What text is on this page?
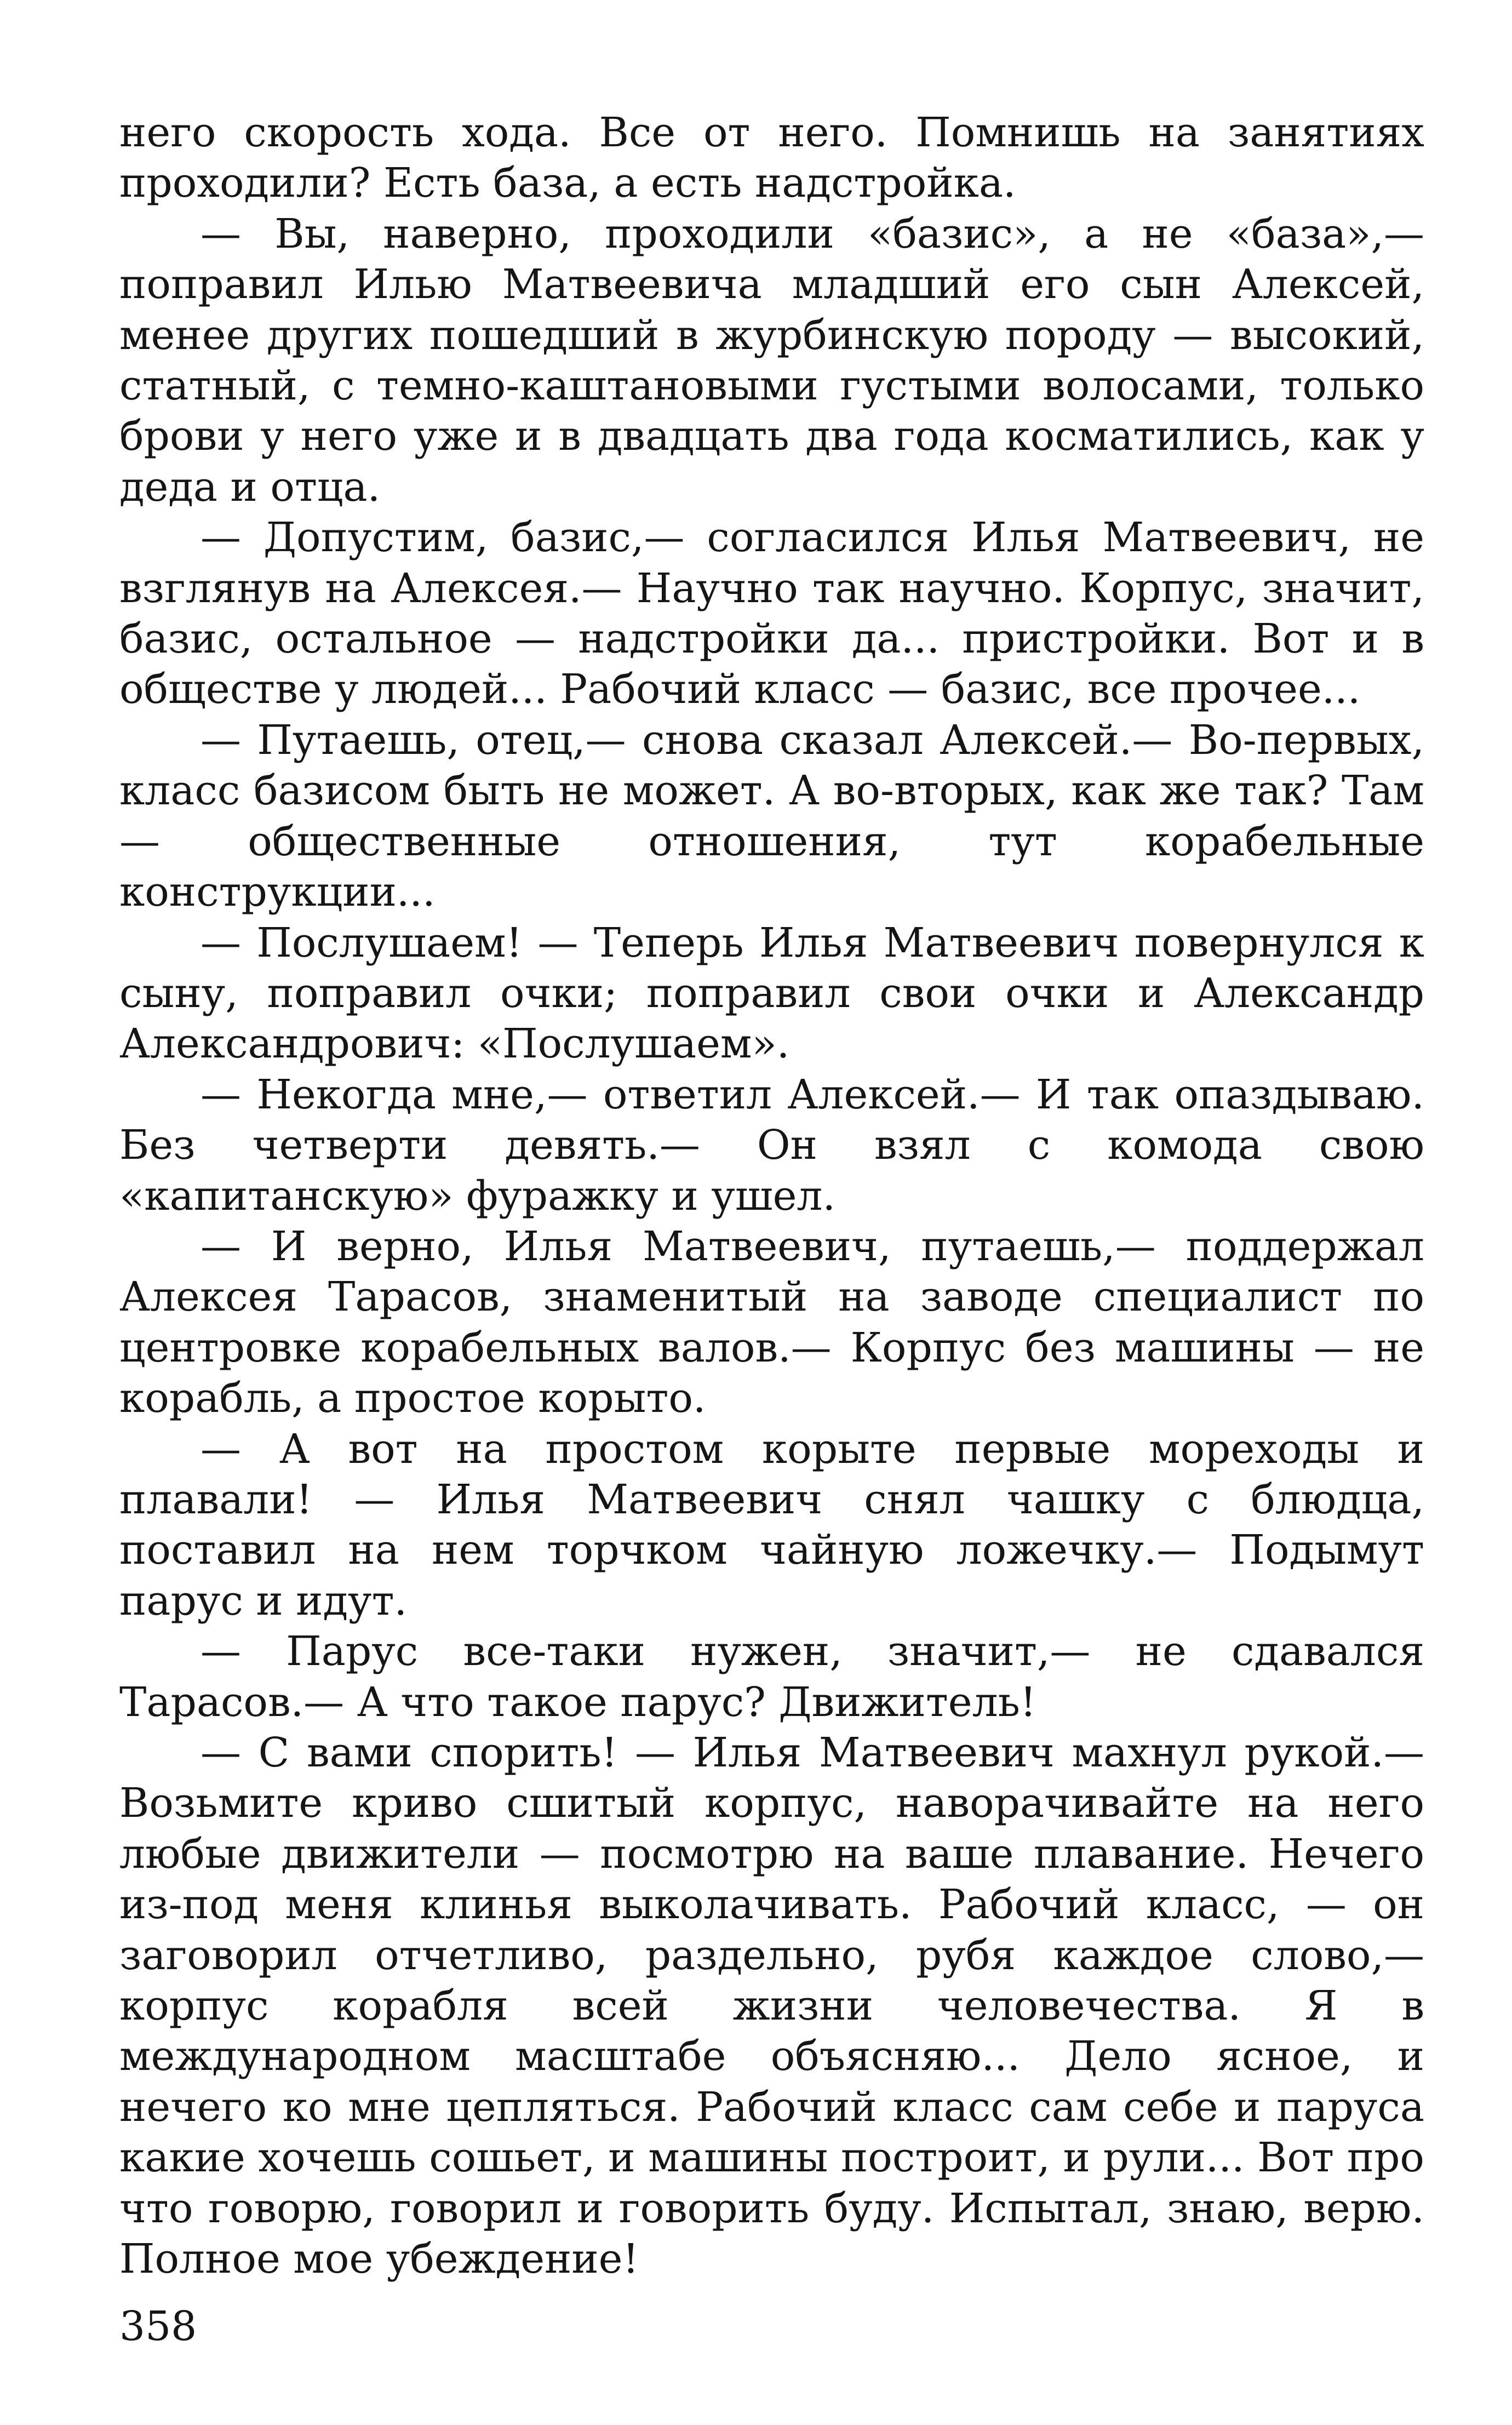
него скорость хода. Все от него. Помнишь на занятиях проходили? Есть база, а есть надстройка.

— Вы, наверно, проходили «базис», а не «база»,— поправил Илью Матвеевича младший его сын Алексей, менее других пошедший в журбинскую породу — высокий, статный, с темно-каштановыми густыми волосами, только брови у него уже и в двадцать два года косматились, как у деда и отца.

— Допустим, базис,— согласился Илья Матвеевич, не взглянув на Алексея.— Научно так научно. Корпус, значит, базис, остальное — надстройки да... пристройки. Вот и в обществе у людей... Рабочий класс — базис, все прочее...

— Путаешь, отец,— снова сказал Алексей.— Во-первых, класс базисом быть не может. А во-вторых, как же так? Там — общественные отношения, тут корабельные конструкции...

— Послушаем! — Теперь Илья Матвеевич повернулся к сыну, поправил очки; поправил свои очки и Александр Александрович: «Послушаем».

— Некогда мне,— ответил Алексей.— И так опаздываю. Без четверти девять.— Он взял с комода свою «капитанскую» фуражку и ушел.

— И верно, Илья Матвеевич, путаешь,— поддержал Алексея Тарасов, знаменитый на заводе специалист по центровке корабельных валов.— Корпус без машины — не корабль, а простое корыто.

— А вот на простом корыте первые мореходы и плавали! — Илья Матвеевич снял чашку с блюдца, поставил на нем торчком чайную ложечку.— Подымут парус и идут.

— Парус все-таки нужен, значит,— не сдавался Тарасов.— А что такое парус? Движитель!

— С вами спорить! — Илья Матвеевич махнул рукой.— Возьмите криво сшитый корпус, наворачивайте на него любые движители — посмотрю на ваше плавание. Нечего из-под меня клинья выколачивать. Рабочий класс, — он заговорил отчетливо, раздельно, рубя каждое слово,— корпус корабля всей жизни человечества. Я в международном масштабе объясняю... Дело ясное, и нечего ко мне цепляться. Рабочий класс сам себе и паруса какие хочешь сошьет, и машины построит, и рули... Вот про что говорю, говорил и говорить буду. Испытал, знаю, верю. Полное мое убеждение!

358
